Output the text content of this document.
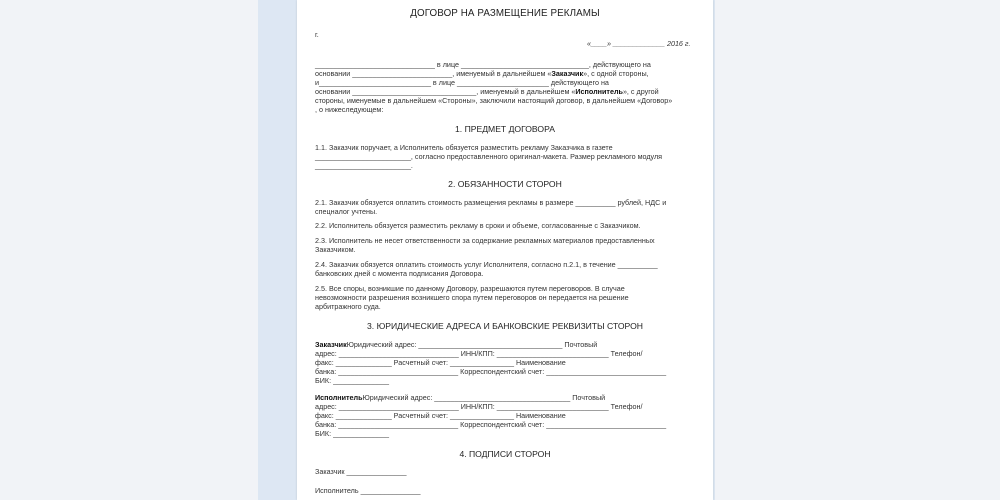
ДОГОВОР НА РАЗМЕЩЕНИЕ РЕКЛАМЫ
г.
«____» _____________ 2016 г.
______________________________ в лице ________________________________, действующего на
основании _________________________, именуемый в дальнейшем «Заказчик», с одной стороны,
и____________________________ в лице _______________________ действующего на
основании _______________________________, именуемый в дальнейшем «Исполнитель», с другой
стороны, именуемые в дальнейшем «Стороны», заключили настоящий договор, в дальнейшем «Договор»
, о нижеследующем:
1. ПРЕДМЕТ ДОГОВОРА
1.1. Заказчик поручает, а Исполнитель обязуется разместить рекламу Заказчика в газете
________________________, согласно предоставленного оригинал-макета. Размер рекламного модуля
________________________.
2. ОБЯЗАННОСТИ СТОРОН
2.1. Заказчик обязуется оплатить стоимость размещения рекламы в размере __________ рублей, НДС и
спецналог учтены.
2.2. Исполнитель обязуется разместить рекламу в сроки и объеме, согласованные с Заказчиком.
2.3. Исполнитель не несет ответственности за содержание рекламных материалов предоставленных
Заказчиком.
2.4. Заказчик обязуется оплатить стоимость услуг Исполнителя, согласно п.2.1, в течение __________
банковских дней с момента подписания Договора.
2.5. Все споры, возникшие по данному Договору, разрешаются путем переговоров. В случае
невозможности разрешения возникшего спора путем переговоров он передается на решение
арбитражного суда.
3. ЮРИДИЧЕСКИЕ АДРЕСА И БАНКОВСКИЕ РЕКВИЗИТЫ СТОРОН
ЗаказчикЮридический адрес: ____________________________________ Почтовый
адрес: ______________________________ ИНН/КПП: ____________________________ Телефон/
факс: ______________ Расчетный счет: ________________ Наименование
банка: ______________________________ Корреспондентский счет: ______________________________
БИК: ______________
ИсполнительЮридический адрес: __________________________________ Почтовый
адрес: ______________________________ ИНН/КПП: ____________________________ Телефон/
факс: ______________ Расчетный счет: ________________ Наименование
банка: ______________________________ Корреспондентский счет: ______________________________
БИК: ______________
4. ПОДПИСИ СТОРОН
Заказчик _______________
Исполнитель _______________
